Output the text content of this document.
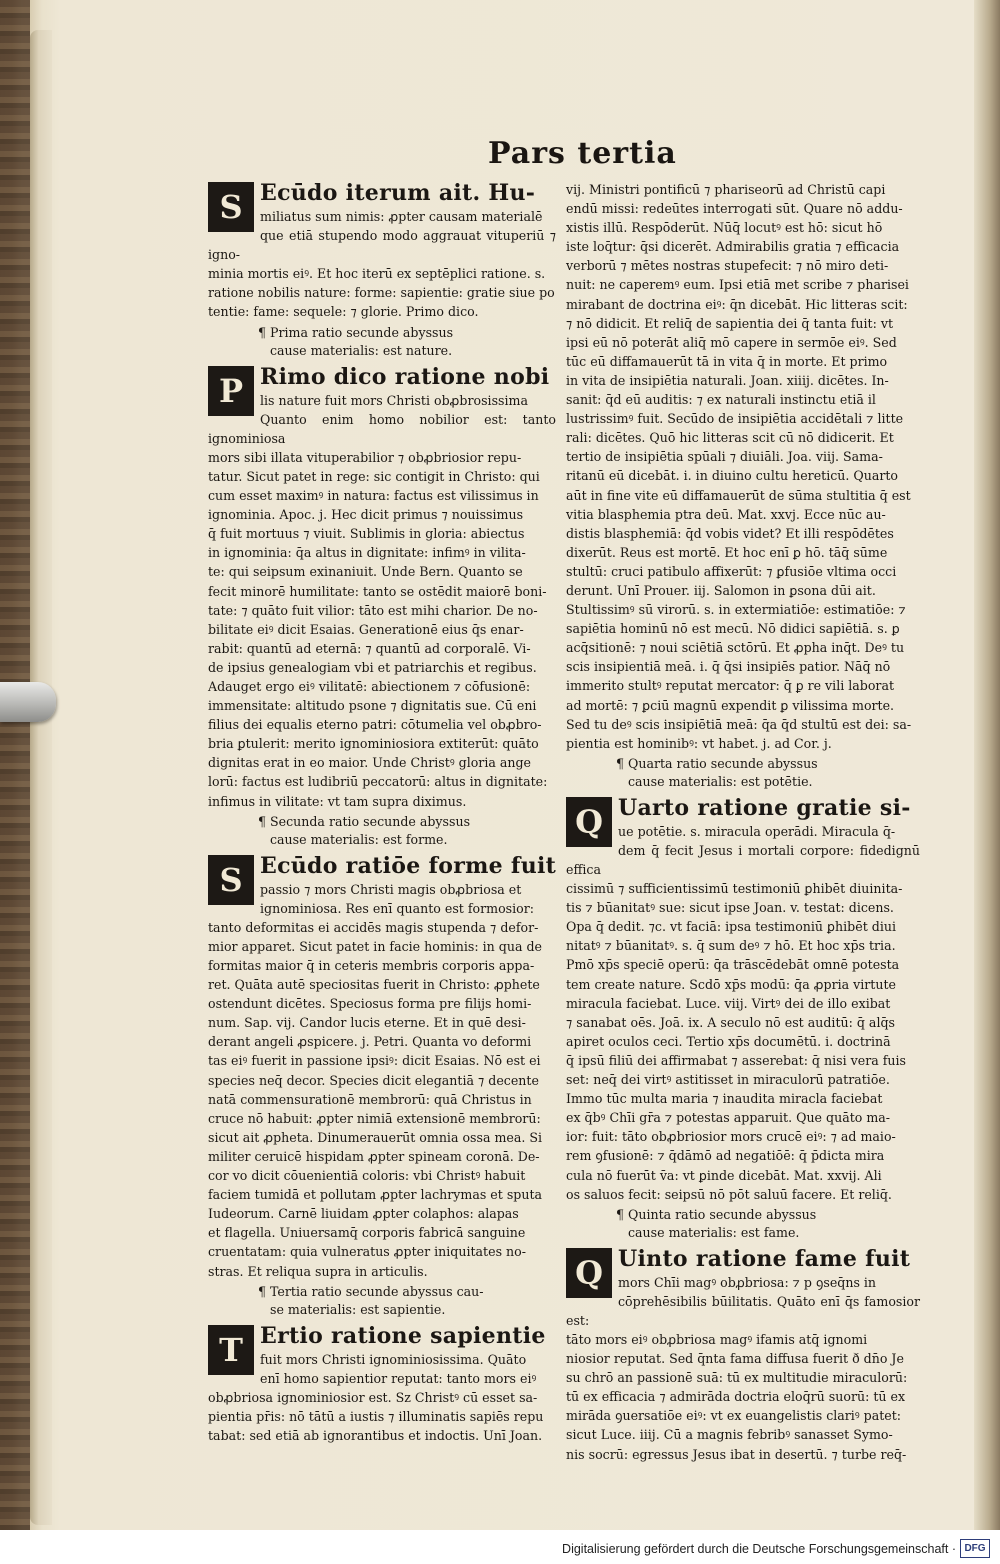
Pars tertia
S Ecūdo iterum ait. Hu-

miliatus sum nimis: ꝓpter causam materialē

que etiā stupendo modo aggrauat vituperiū ⁊ igno-

minia mortis eiꝰ. Et hoc iterū ex septēplici ratione. s.

ratione nobilis nature: forme: sapientie: gratie siue po

tentie: fame: sequele: ⁊ glorie. Primo dico.

¶ Prima ratio secunde abyssus

cause materialis: est nature.
P Rimo dico ratione nobi

lis nature fuit mors Christi obꝓbrosissima

Quanto enim homo nobilior est: tanto ignominiosa

mors sibi illata vituperabilior ⁊ obꝓbriosior repu-

tatur. Sicut patet in rege: sic contigit in Christo: qui

cum esset maximꝰ in natura: factus est vilissimus in

ignominia. Apoc. j. Hec dicit primus ⁊ nouissimus

q̄ fuit mortuus ⁊ viuit. Sublimis in gloria: abiectus

in ignominia: q̄a altus in dignitate: infimꝰ in vilita-

te: qui seipsum exinaniuit. Unde Bern. Quanto se

fecit minorē humilitate: tanto se ostēdit maiorē boni-

tate: ⁊ quāto fuit vilior: tāto est mihi charior. De no-

bilitate eiꝰ dicit Esaias. Generationē eius q̄s enar-

rabit: quantū ad eternā: ⁊ quantū ad corporalē. Vi-

de ipsius genealogiam vbi et patriarchis et regibus.

Adauget ergo eiꝰ vilitatē: abiectionem ⁊ cōfusionē:

immensitate: altitudo psone ⁊ dignitatis sue. Cū eni

filius dei equalis eterno patri: cōtumelia vel obꝓbro-

bria ꝑtulerit: merito ignominiosiora extiterūt: quāto

dignitas erat in eo maior. Unde Christꝰ gloria ange

lorū: factus est ludibriū peccatorū: altus in dignitate:

infimus in vilitate: vt tam supra diximus.

¶ Secunda ratio secunde abyssus

cause materialis: est forme.
S Ecūdo ratiōe forme fuit

passio ⁊ mors Christi magis obꝓbriosa et

ignominiosa. Res enī quanto est formosior:

tanto deformitas ei accidēs magis stupenda ⁊ defor-

mior apparet. Sicut patet in facie hominis: in qua de

formitas maior q̄ in ceteris membris corporis appa-

ret. Quāta autē speciositas fuerit in Christo: ꝓphete

ostendunt dicētes. Speciosus forma pre filijs homi-

num. Sap. vij. Candor lucis eterne. Et in quē desi-

derant angeli ꝓspicere. j. Petri. Quanta vo deformi

tas eiꝰ fuerit in passione ipsiꝰ: dicit Esaias. Nō est ei

species neq̄ decor. Species dicit elegantiā ⁊ decente

natā commensurationē membrorū: quā Christus in

cruce nō habuit: ꝓpter nimiā extensionē membrorū:

sicut ait ꝓpheta. Dinumerauerūt omnia ossa mea. Si

militer ceruicē hispidam ꝓpter spineam coronā. De-

cor vo dicit cōuenientiā coloris: vbi Christꝰ habuit

faciem tumidā et pollutam ꝓpter lachrymas et sputa

Iudeorum. Carnē liuidam ꝓpter colaphos: alapas

et flagella. Uniuersamq̄ corporis fabricā sanguine

cruentatam: quia vulneratus ꝓpter iniquitates no-

stras. Et reliqua supra in articulis.

¶ Tertia ratio secunde abyssus cau-

se materialis: est sapientie.
T Ertio ratione sapientie

fuit mors Christi ignominiosissima. Quāto

enī homo sapientior reputat: tanto mors eiꝰ

obꝓbriosa ignominiosior est. Sz Christꝰ cū esset sa-

pientia pr̄is: nō tātū a iustis ⁊ illuminatis sapiēs repu

tabat: sed etiā ab ignorantibus et indoctis. Unī Joan.

vij. Ministri pontificū ⁊ phariseorū ad Christū capi

endū missi: redeūtes interrogati sūt. Quare nō addu-

xistis illū. Respōderūt. Nūq̄ locutꝰ est hō: sicut hō

iste loq̄tur: q̄si dicerēt. Admirabilis gratia ⁊ efficacia

verborū ⁊ mētes nostras stupefecit: ⁊ nō miro deti-

nuit: ne caperemꝰ eum. Ipsi etiā met scribe ⁊ pharisei

mirabant de doctrina eiꝰ: q̄n dicebāt. Hic litteras scit:

⁊ nō didicit. Et reliq̄ de sapientia dei q̄ tanta fuit: vt

ipsi eū nō poterāt aliq̄ mō capere in sermōe eiꝰ. Sed

tūc eū diffamauerūt tā in vita q̄ in morte. Et primo

in vita de insipiētia naturali. Joan. xiiij. dicētes. In-

sanit: q̄d eū auditis: ⁊ ex naturali instinctu etiā il

lustrissimꝰ fuit. Secūdo de insipiētia accidētali ⁊ litte

rali: dicētes. Quō hic litteras scit cū nō didicerit. Et

tertio de insipiētia spūali ⁊ diuiāli. Joa. viij. Sama-

ritanū eū dicebāt. i. in diuino cultu hereticū. Quarto

aūt in fine vite eū diffamauerūt de sūma stultitia q̄ est

vitia blasphemia ptra deū. Mat. xxvj. Ecce nūc au-

distis blasphemiā: q̄d vobis videt? Et illi respōdētes

dixerūt. Reus est mortē. Et hoc enī ꝑ hō. tāq̄ sūme

stultū: cruci patibulo affixerūt: ⁊ ꝑfusiōe vltima occi

derunt. Unī Prouer. iij. Salomon in ꝑsona dūi ait.

Stultissimꝰ sū virorū. s. in extermiatiōe: estimatiōe: ⁊

sapiētia hominū nō est mecū. Nō didici sapiētiā. s. ꝑ

acq̄sitionē: ⁊ noui sciētiā sctōrū. Et ꝓpha inq̄t. Deꝰ tu

scis insipientiā meā. i. q̄ q̄si insipiēs patior. Nāq̄ nō

immerito stultꝰ reputat mercator: q̄ ꝑ re vili laborat

ad mortē: ⁊ ꝑciū magnū expendit ꝑ vilissima morte.

Sed tu deꝰ scis insipiētiā meā: q̄a q̄d stultū est dei: sa-

pientia est hominibꝰ: vt habet. j. ad Cor. j.

¶ Quarta ratio secunde abyssus

cause materialis: est potētie.
Q Uarto ratione gratie si-

ue potētie. s. miracula operādi. Miracula q̄-

dem q̄ fecit Jesus i mortali corpore: fidedignū effica

cissimū ⁊ sufficientissimū testimoniū ꝑhibēt diuinita-

tis ⁊ būanitatꝰ sue: sicut ipse Joan. v. testat: dicens.

Opa q̄ dedit. ⁊c. vt faciā: ipsa testimoniū ꝑhibēt diui

nitatꝰ ⁊ būanitatꝰ. s. q̄ sum deꝰ ⁊ hō. Et hoc xp̄s tria.

Pmō xp̄s speciē operū: q̄a trāscēdebāt omnē potesta

tem create nature. Scdō xp̄s modū: q̄a ꝓpria virtute

miracula faciebat. Luce. viij. Virtꝰ dei de illo exibat

⁊ sanabat oēs. Joā. ix. A seculo nō est auditū: q̄ alq̄s

apiret oculos ceci. Tertio xp̄s documētū. i. doctrinā

q̄ ipsū filiū dei affirmabat ⁊ asserebat: q̄ nisi vera fuis

set: neq̄ dei virtꝰ astitisset in miraculorū patratiōe.

Immo tūc multa maria ⁊ inaudita miracla faciebat

ex q̄bꝰ Chīi gr̄a ⁊ potestas apparuit. Que quāto ma-

ior: fuit: tāto obꝓbriosior mors crucē eiꝰ: ⁊ ad maio-

rem ꝯfusionē: ⁊ q̄dāmō ad negatiōē: q̄ p̄dicta mira

cula nō fuerūt v̄a: vt ꝑinde dicebāt. Mat. xxvij. Ali

os saluos fecit: seipsū nō pōt saluū facere. Et reliq̄.

¶ Quinta ratio secunde abyssus

cause materialis: est fame.
Q Uinto ratione fame fuit

mors Chīi magꝰ obꝓbriosa: ⁊ p ꝯseq̄ns in

cōprehēsibilis būilitatis. Quāto enī q̄s famosior est:

tāto mors eiꝰ obꝓbriosa magꝰ ifamis atq̄ ignomi

niosior reputat. Sed q̄nta fama diffusa fuerit ð dn̄o Je

su chrō an passionē suā: tū ex multitudie miraculorū:

tū ex efficacia ⁊ admirāda doctria eloq̄rū suorū: tū ex

mirāda ꝯuersatiōe eiꝰ: vt ex euangelistis clariꝰ patet:

sicut Luce. iiij. Cū a magnis febribꝰ sanasset Symo-

nis socrū: egressus Jesus ibat in desertū. ⁊ turbe req̄-

Digitalisierung gefördert durch die Deutsche Forschungsgemeinschaft · DFG
